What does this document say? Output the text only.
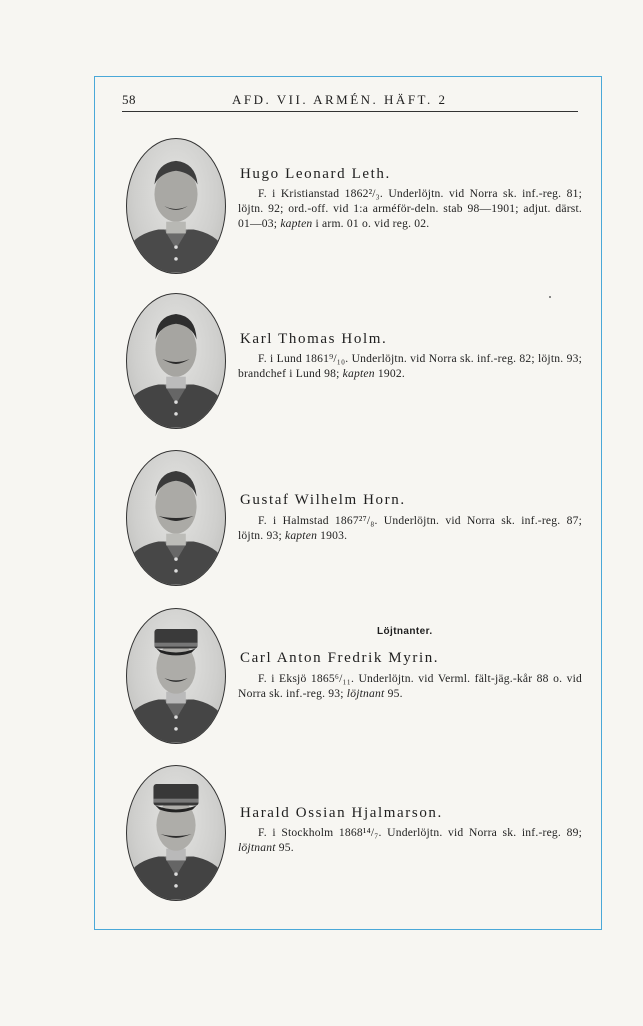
58	AFD. VII. ARMÉN. HÄFT. 2
Hugo Leonard Leth.
F. i Kristianstad 1862²/₃. Underlöjtn. vid Norra sk. inf.-reg. 81; löjtn. 92; ord.-off. vid 1:a arméför-deln. stab 98—1901; adjut. därst. 01—03; kapten i arm. 01 o. vid reg. 02.
Karl Thomas Holm.
F. i Lund 1861⁹/₁₀. Underlöjtn. vid Norra sk. inf.-reg. 82; löjtn. 93; brandchef i Lund 98; kapten 1902.
Gustaf Wilhelm Horn.
F. i Halmstad 1867²⁷/₈. Underlöjtn. vid Norra sk. inf.-reg. 87; löjtn. 93; kapten 1903.
Löjtnanter.
Carl Anton Fredrik Myrin.
F. i Eksjö 1865⁶/₁₁. Underlöjtn. vid Verml. fält-jäg.-kår 88 o. vid Norra sk. inf.-reg. 93; löjtnant 95.
Harald Ossian Hjalmarson.
F. i Stockholm 1868¹⁴/₇. Underlöjtn. vid Norra sk. inf.-reg. 89; löjtnant 95.
